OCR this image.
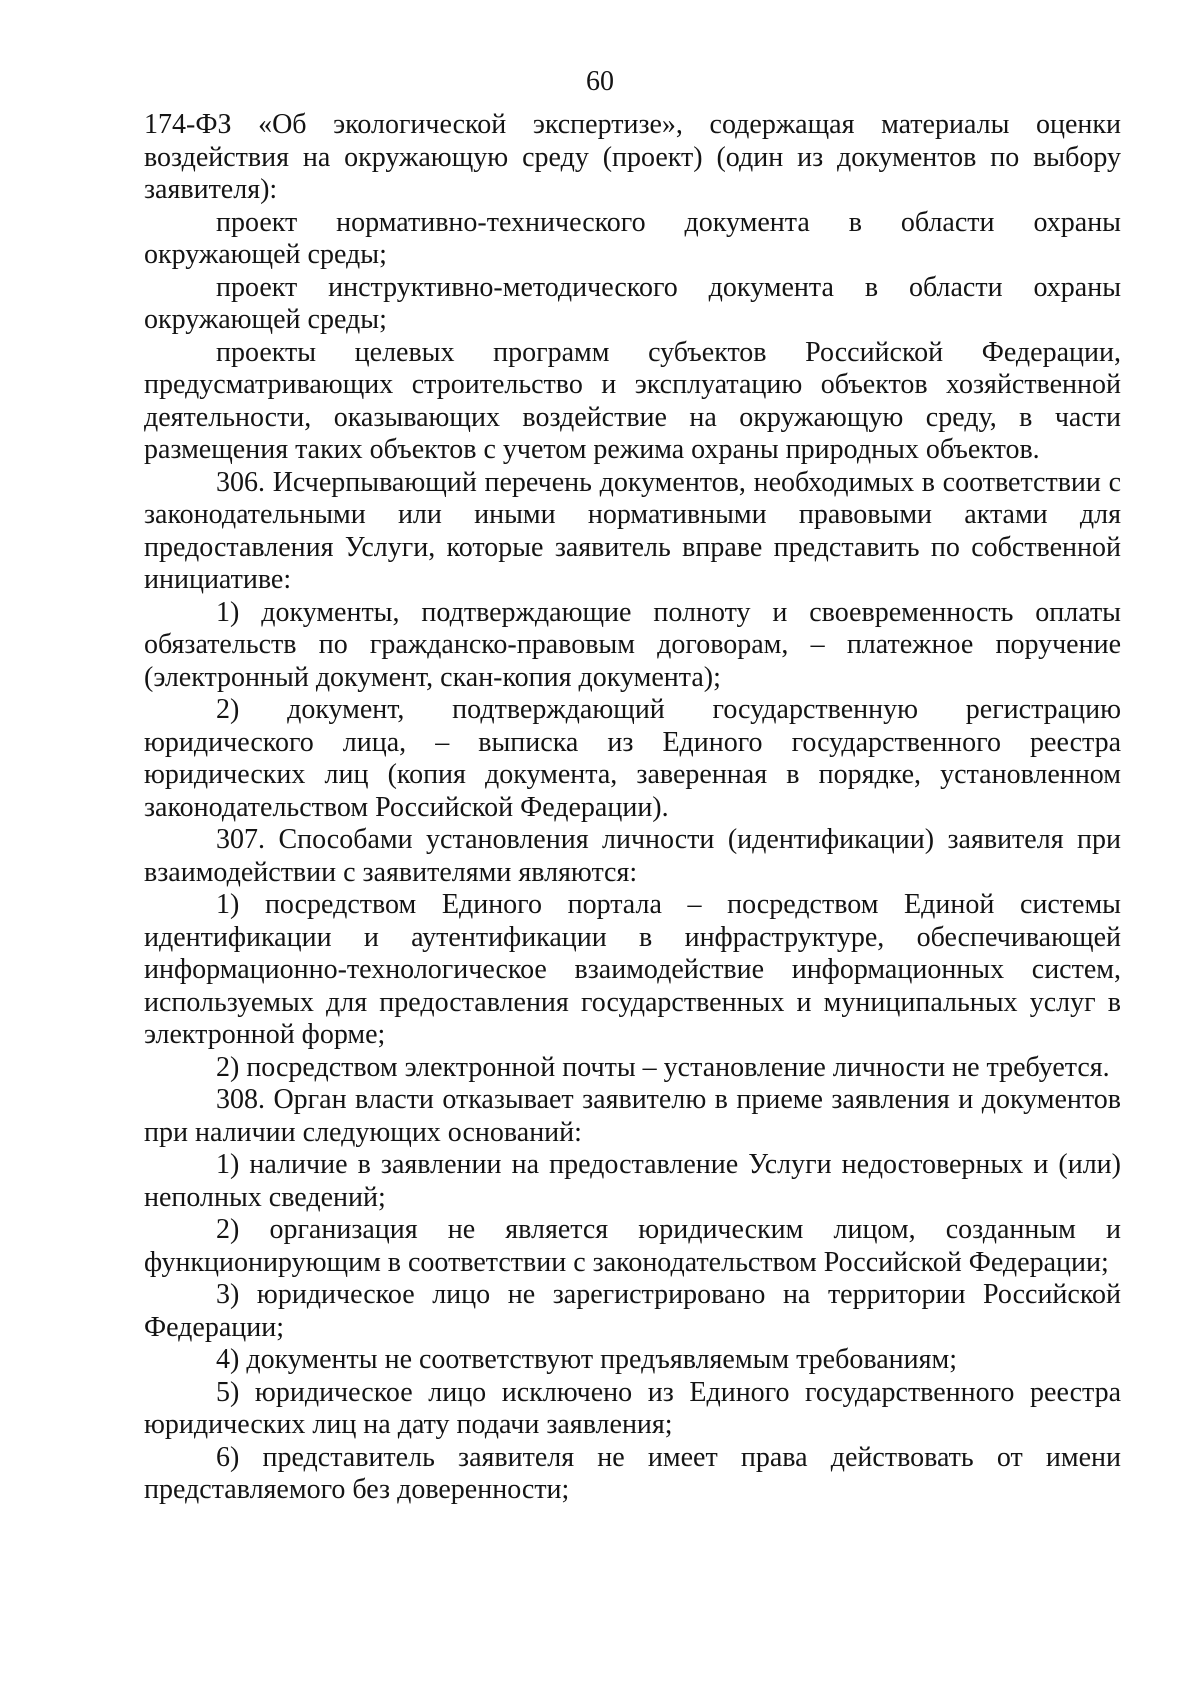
60

174-ФЗ «Об экологической экспертизе», содержащая материалы оценки воздействия на окружающую среду (проект) (один из документов по выбору заявителя):

проект нормативно-технического документа в области охраны окружающей среды;

проект инструктивно-методического документа в области охраны окружающей среды;

проекты целевых программ субъектов Российской Федерации, предусматривающих строительство и эксплуатацию объектов хозяйственной деятельности, оказывающих воздействие на окружающую среду, в части размещения таких объектов с учетом режима охраны природных объектов.

306. Исчерпывающий перечень документов, необходимых в соответствии с законодательными или иными нормативными правовыми актами для предоставления Услуги, которые заявитель вправе представить по собственной инициативе:

1) документы, подтверждающие полноту и своевременность оплаты обязательств по гражданско-правовым договорам, – платежное поручение (электронный документ, скан-копия документа);

2) документ, подтверждающий государственную регистрацию юридического лица, – выписка из Единого государственного реестра юридических лиц (копия документа, заверенная в порядке, установленном законодательством Российской Федерации).

307. Способами установления личности (идентификации) заявителя при взаимодействии с заявителями являются:

1) посредством Единого портала – посредством Единой системы идентификации и аутентификации в инфраструктуре, обеспечивающей информационно-технологическое взаимодействие информационных систем, используемых для предоставления государственных и муниципальных услуг в электронной форме;

2) посредством электронной почты – установление личности не требуется.

308. Орган власти отказывает заявителю в приеме заявления и документов при наличии следующих оснований:

1) наличие в заявлении на предоставление Услуги недостоверных и (или) неполных сведений;

2) организация не является юридическим лицом, созданным и функционирующим в соответствии с законодательством Российской Федерации;

3) юридическое лицо не зарегистрировано на территории Российской Федерации;

4) документы не соответствуют предъявляемым требованиям;

5) юридическое лицо исключено из Единого государственного реестра юридических лиц на дату подачи заявления;

6) представитель заявителя не имеет права действовать от имени представляемого без доверенности;
